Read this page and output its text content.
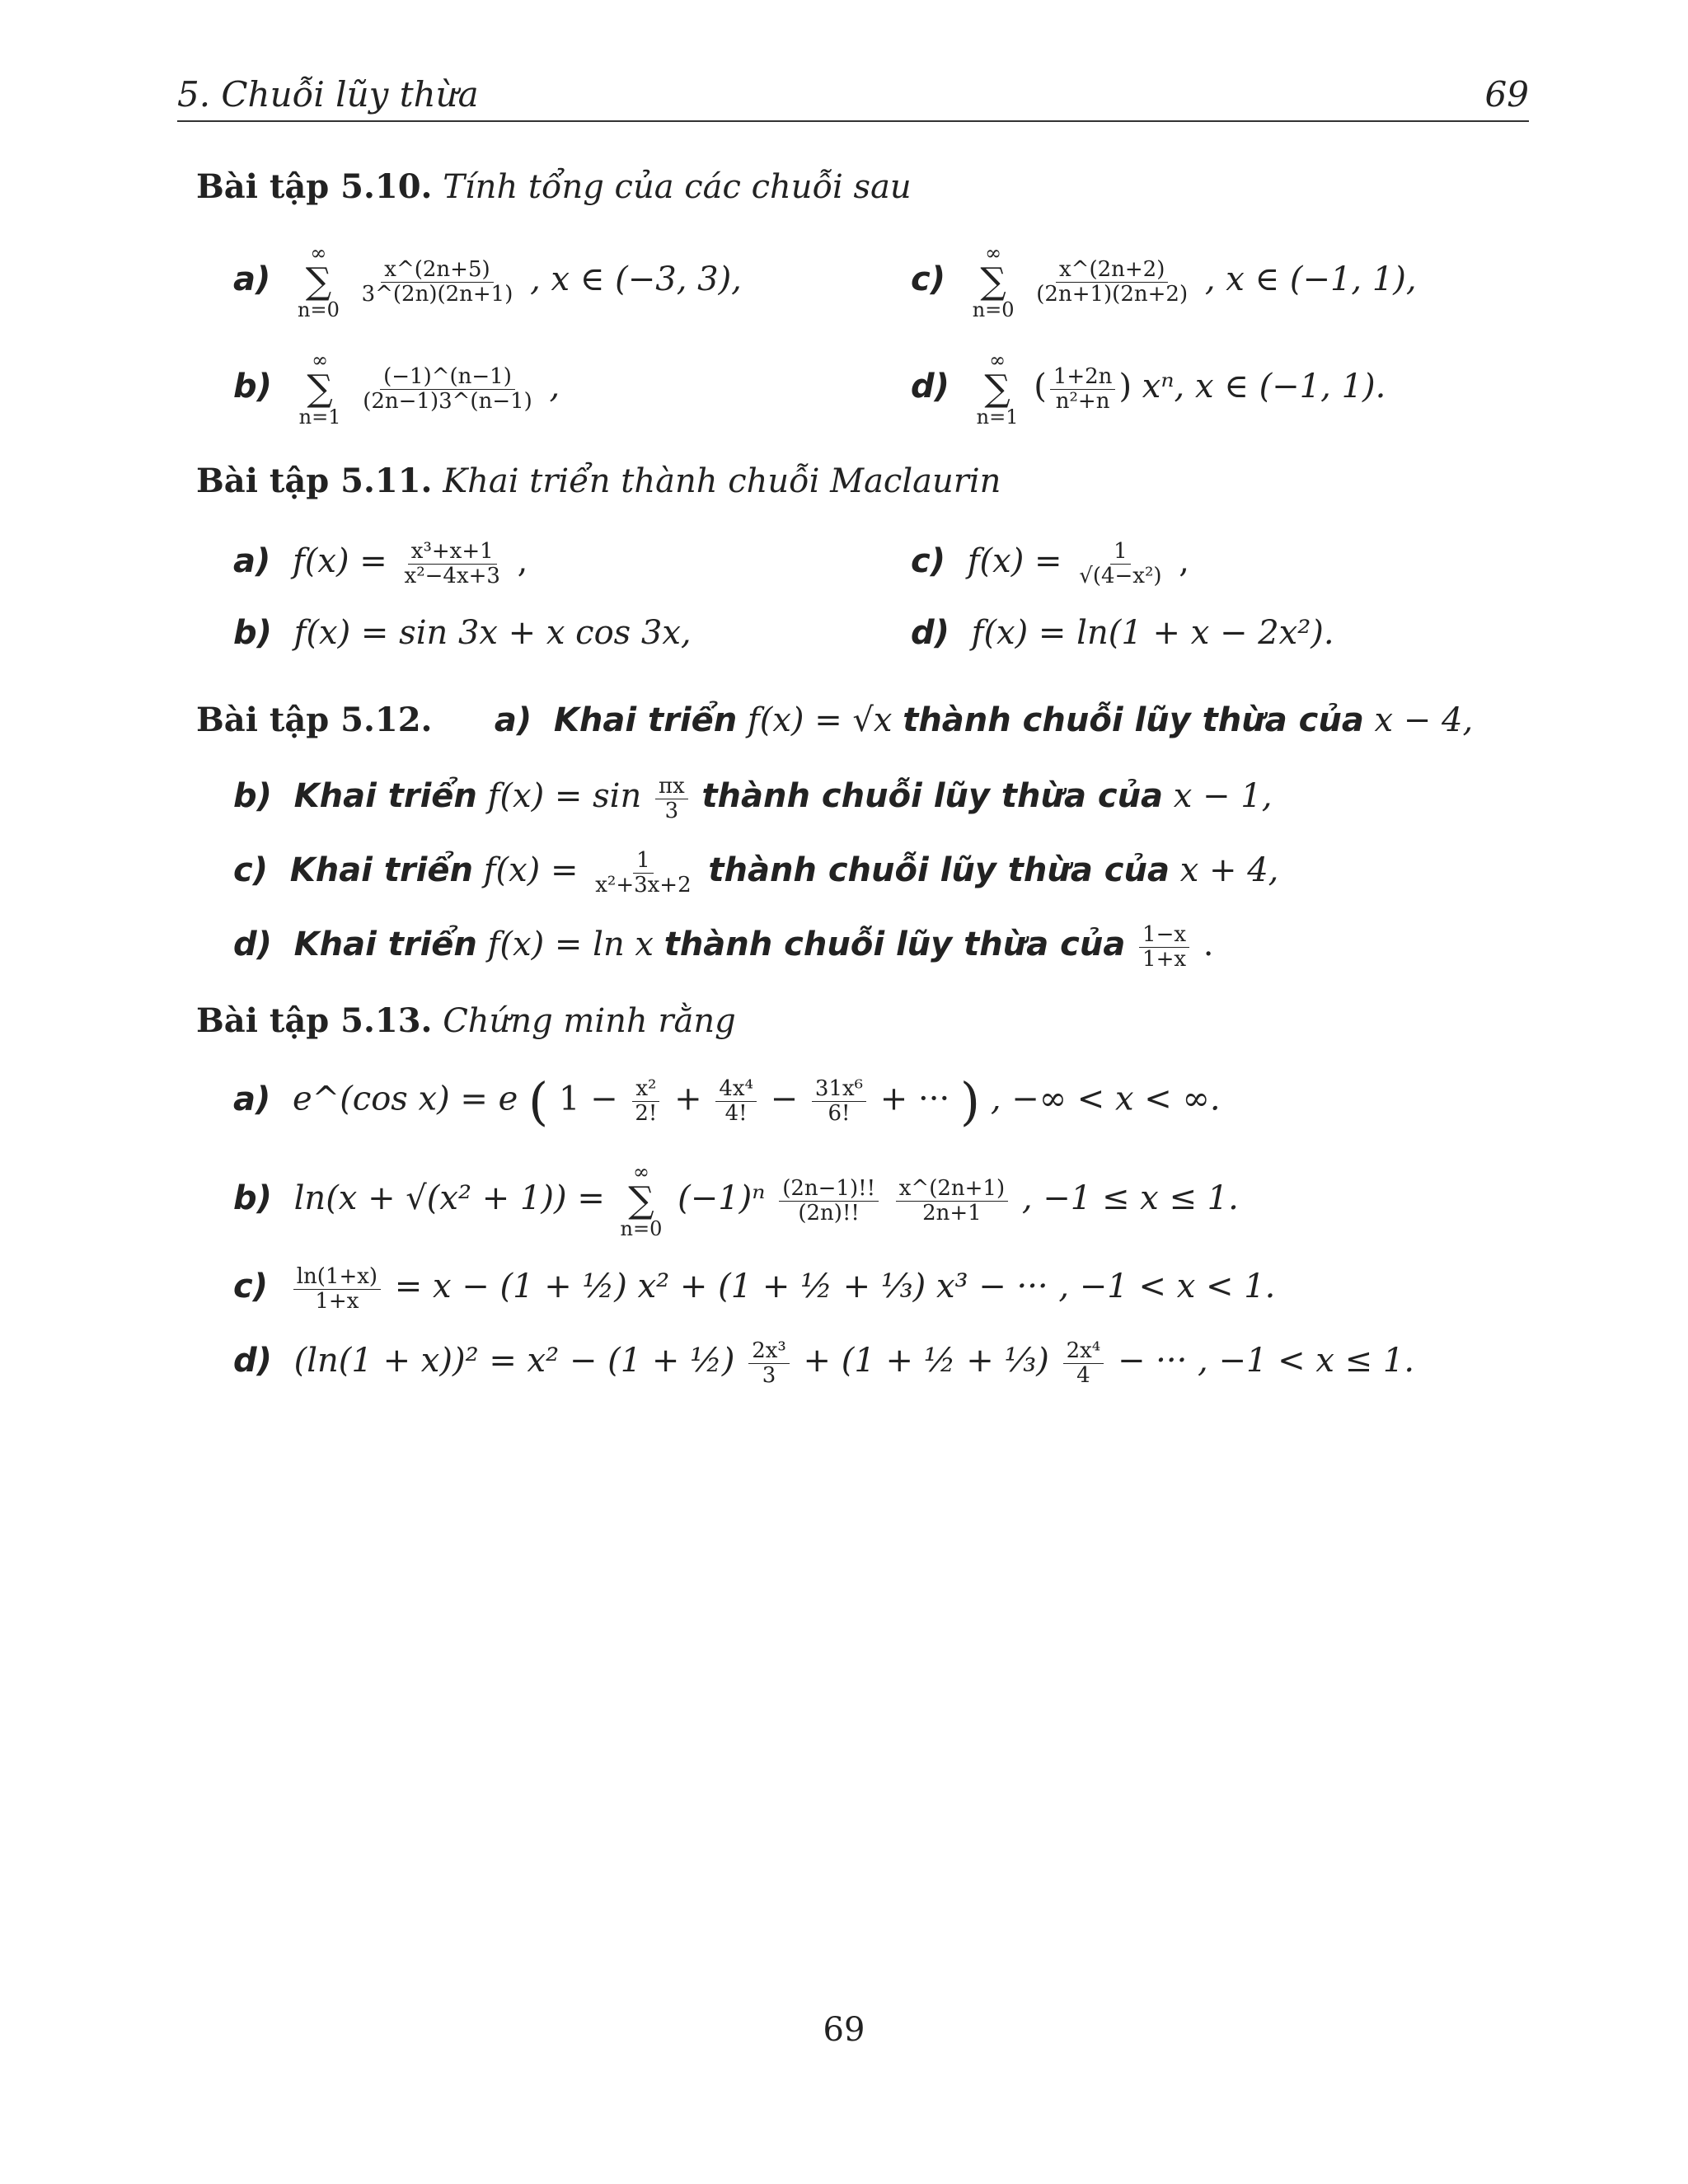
5. Chuỗi lũy thừa	69
Bài tập 5.10. Tính tổng của các chuỗi sau
a)
∞
∑
n=0

$\frac{x\^{}(2n+5)}{3\^{}(2n)(2n+1)}$ , x ∈ (−3, 3),
b)
∞
∑
n=1

$\frac{(-1)\^{}(n-1)}{(2n-1)3\^{}(n-1)}$ ,
c)
∞
∑
n=0

$\frac{x\^{}(2n+2)}{(2n+1)(2n+2)}$ , x ∈ (−1, 1),
d)
∞
∑
n=1
( $\frac{1+2n}{\text{n²+n}}$ ) xⁿ, x ∈ (−1, 1).
Bài tập 5.11. Khai triển thành chuỗi Maclaurin
a) $f(x) = \frac{\text{x³+x+1}}{\text{x²−4x+3}}$ ,
b) f(x) = sin 3x + x cos 3x,
c) $f(x) = \frac{1}{\text{√(4−x²)}}$ ,
d) f(x) = ln(1 + x − 2x²).
Bài tập 5.12. a) Khai triển f(x) = √x thành chuỗi lũy thừa của x − 4,
b) Khai triển $f(x) = \sin \frac{\pi x}{3}$ thành chuỗi lũy thừa của x − 1,
c) Khai triển $f(x) = \frac{1}{\text{x²+3x+2}}$ thành chuỗi lũy thừa của x + 4,
d) Khai triển f(x) = ln x thành chuỗi lũy thừa của $\frac{1-x}{1+x}$ .
Bài tập 5.13. Chứng minh rằng
a) e^(cos x) = e ( $1 - \frac{\text{x²}}{2!} + \frac{\text{4x⁴}}{4!} - \frac{\text{31x⁶}}{6!}$ + ··· ) , −∞ < x < ∞.
b) ln(x + √(x² + 1)) =
∞
∑
n=0
$(-1)^n \frac{(2n-1)!!}{(2n)!!}$
$\frac{x\^{}(2n+1)}{2n+1}$ , −1 ≤ x ≤ 1.
$c) \frac{\ln(1+x)}{1+x} = x - (1$ + ½) x² + (1 + ½ + ⅓) x³ − ··· , −1 < x < 1.
d) (ln(1 + x))² = x² − (1 + ½) $\frac{\text{2x³}}{3} + (1$ + ½ + ⅓) $\frac{\text{2x⁴}}{4}$ − ··· , −1 < x ≤ 1.
69
